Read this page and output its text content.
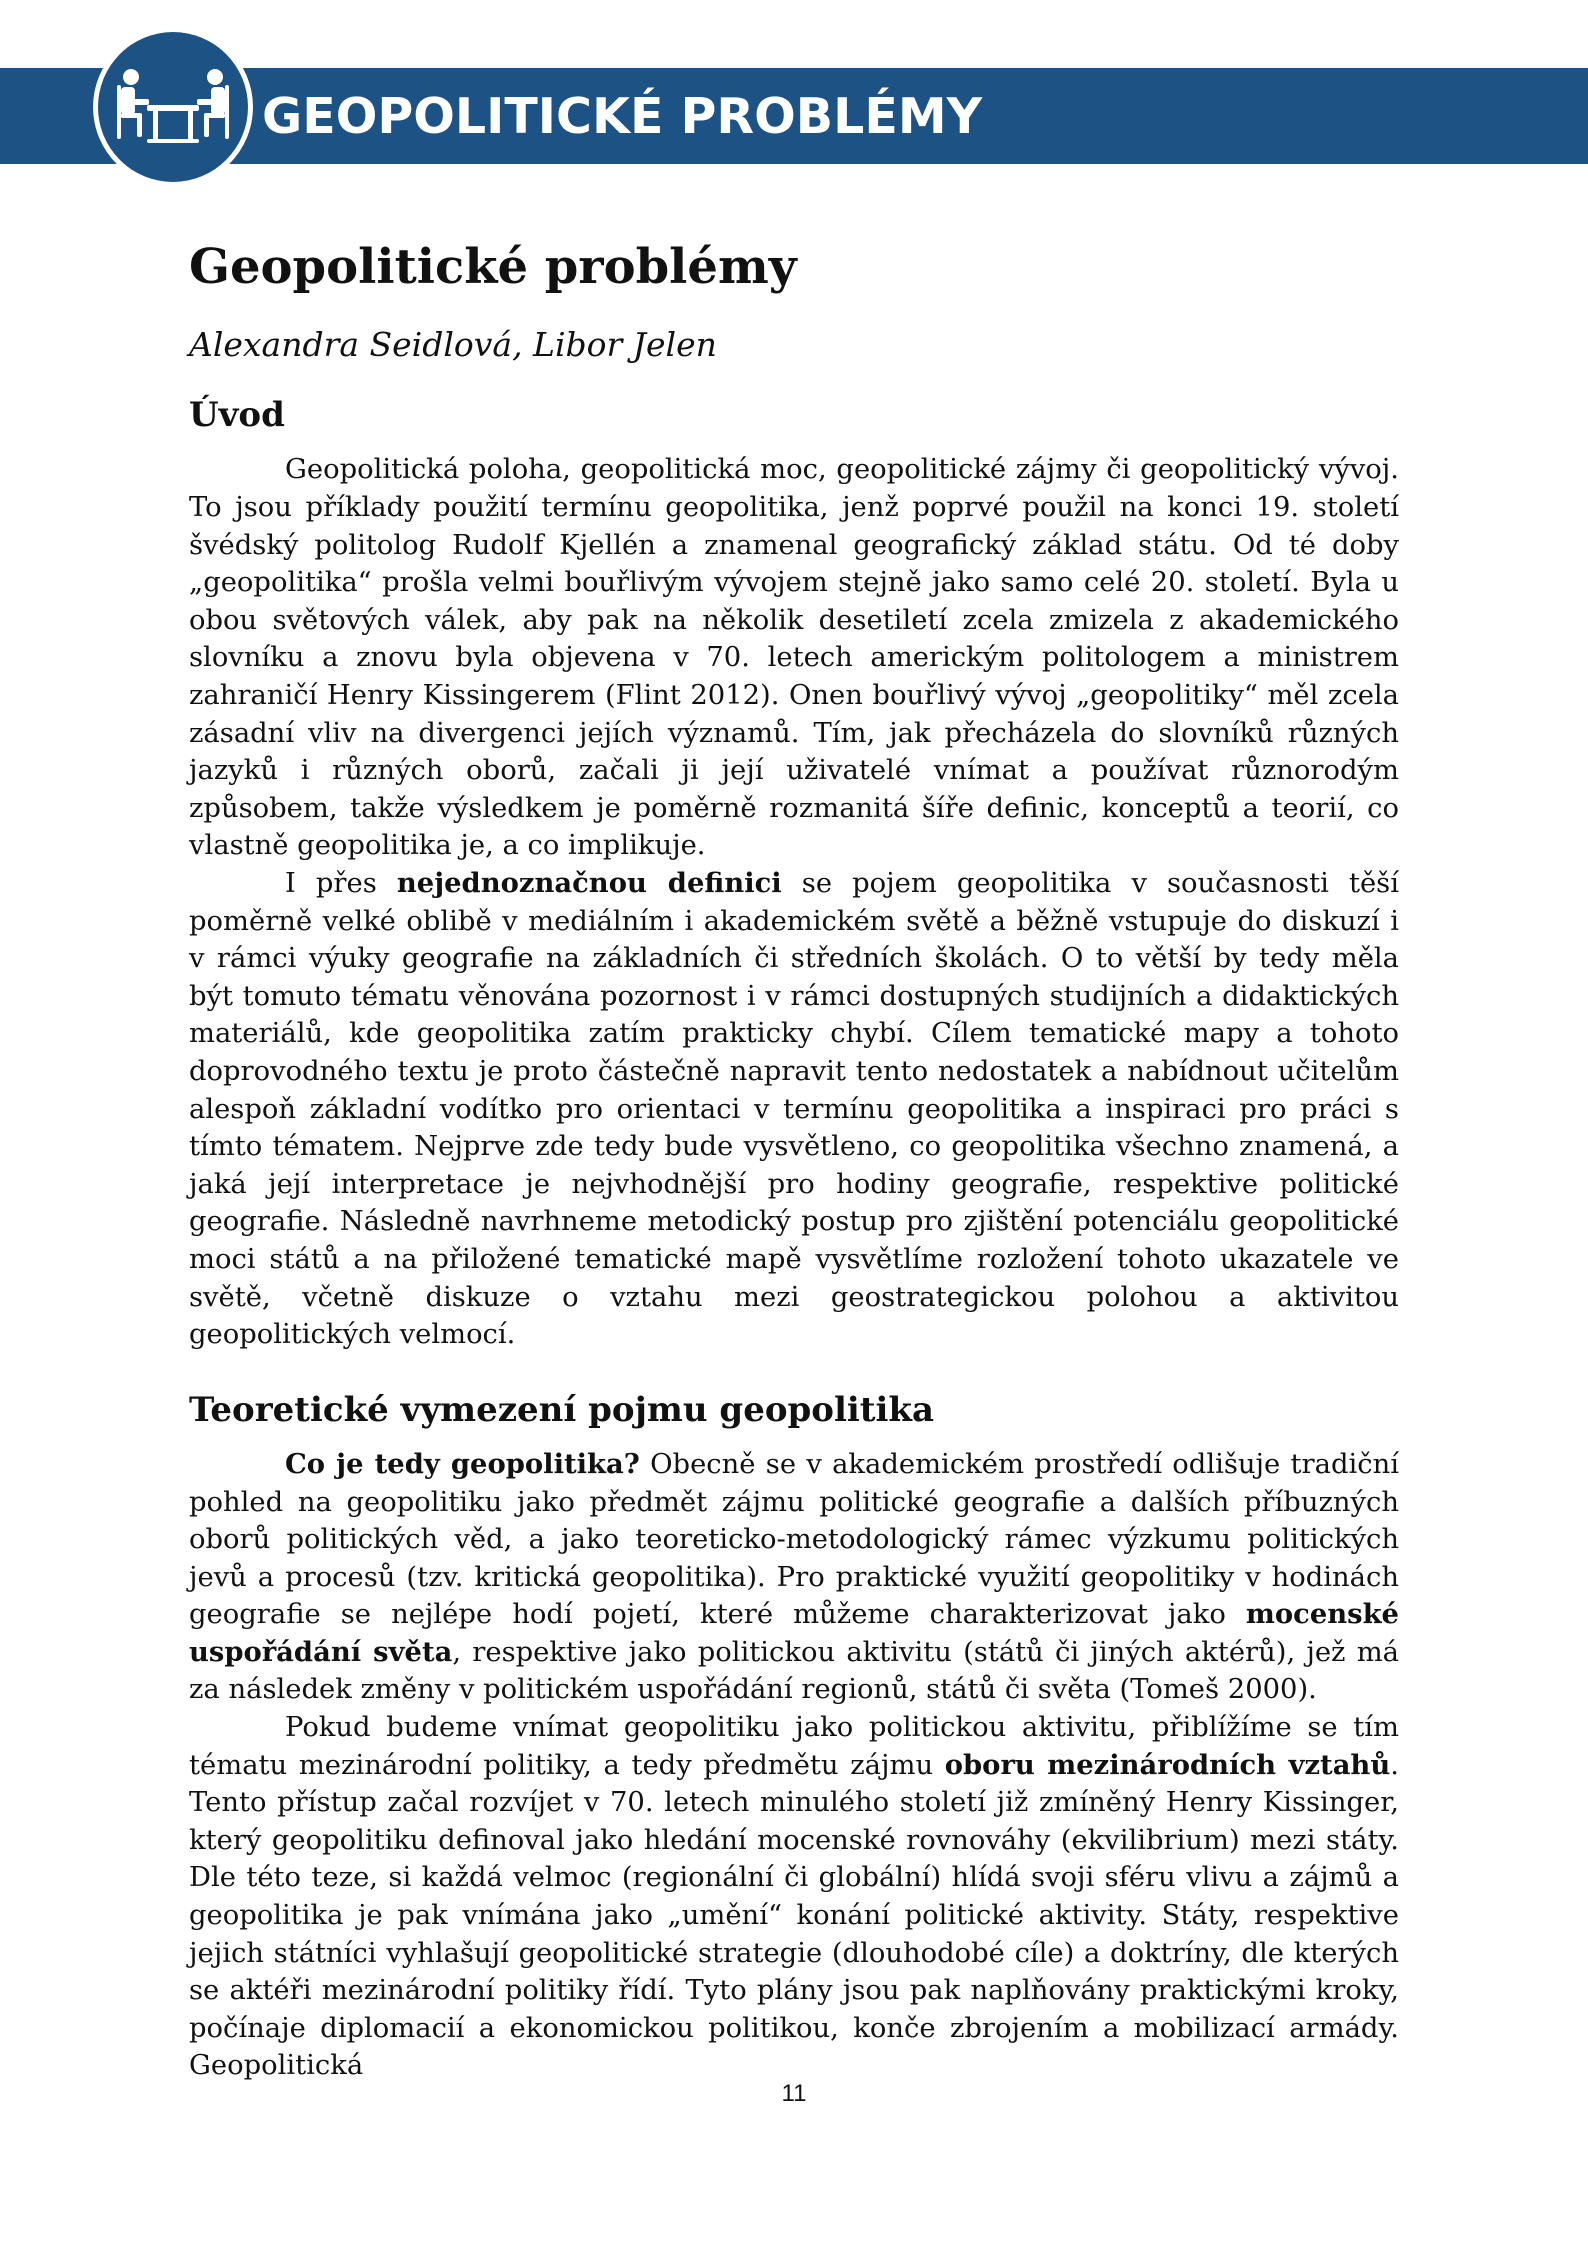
GEOPOLITICKÉ PROBLÉMY
Geopolitické problémy
Alexandra Seidlová, Libor Jelen
Úvod

Geopolitická poloha, geopolitická moc, geopolitické zájmy či geopolitický vývoj. To jsou příklady použití termínu geopolitika, jenž poprvé použil na konci 19. století švédský politolog Rudolf Kjellén a znamenal geografický základ státu. Od té doby „geopolitika“ prošla velmi bouřlivým vývojem stejně jako samo celé 20. století. Byla u obou světových válek, aby pak na několik desetiletí zcela zmizela z akademického slovníku a znovu byla objevena v 70. letech americkým politologem a ministrem zahraničí Henry Kissingerem (Flint 2012). Onen bouřlivý vývoj „geopolitiky“ měl zcela zásadní vliv na divergenci jejích významů. Tím, jak přecházela do slovníků různých jazyků i různých oborů, začali ji její uživatelé vnímat a používat různorodým způsobem, takže výsledkem je poměrně rozmanitá šíře definic, konceptů a teorií, co vlastně geopolitika je, a co implikuje.

I přes nejednoznačnou definici se pojem geopolitika v současnosti těší poměrně velké oblibě v mediálním i akademickém světě a běžně vstupuje do diskuzí i v rámci výuky geografie na základních či středních školách. O to větší by tedy měla být tomuto tématu věnována pozornost i v rámci dostupných studijních a didaktických materiálů, kde geopolitika zatím prakticky chybí. Cílem tematické mapy a tohoto doprovodného textu je proto částečně napravit tento nedostatek a nabídnout učitelům alespoň základní vodítko pro orientaci v termínu geopolitika a inspiraci pro práci s tímto tématem. Nejprve zde tedy bude vysvětleno, co geopolitika všechno znamená, a jaká její interpretace je nejvhodnější pro hodiny geografie, respektive politické geografie. Následně navrhneme metodický postup pro zjištění potenciálu geopolitické moci států a na přiložené tematické mapě vysvětlíme rozložení tohoto ukazatele ve světě, včetně diskuze o vztahu mezi geostrategickou polohou a aktivitou geopolitických velmocí.

Teoretické vymezení pojmu geopolitika

Co je tedy geopolitika? Obecně se v akademickém prostředí odlišuje tradiční pohled na geopolitiku jako předmět zájmu politické geografie a dalších příbuzných oborů politických věd, a jako teoreticko-metodologický rámec výzkumu politických jevů a procesů (tzv. kritická geopolitika). Pro praktické využití geopolitiky v hodinách geografie se nejlépe hodí pojetí, které můžeme charakterizovat jako mocenské uspořádání světa, respektive jako politickou aktivitu (států či jiných aktérů), jež má za následek změny v politickém uspořádání regionů, států či světa (Tomeš 2000).

Pokud budeme vnímat geopolitiku jako politickou aktivitu, přiblížíme se tím tématu mezinárodní politiky, a tedy předmětu zájmu oboru mezinárodních vztahů. Tento přístup začal rozvíjet v 70. letech minulého století již zmíněný Henry Kissinger, který geopolitiku definoval jako hledání mocenské rovnováhy (ekvilibrium) mezi státy. Dle této teze, si každá velmoc (regionální či globální) hlídá svoji sféru vlivu a zájmů a geopolitika je pak vnímána jako „umění“ konání politické aktivity. Státy, respektive jejich státníci vyhlašují geopolitické strategie (dlouhodobé cíle) a doktríny, dle kterých se aktéři mezinárodní politiky řídí. Tyto plány jsou pak naplňovány praktickými kroky, počínaje diplomacií a ekonomickou politikou, konče zbrojením a mobilizací armády. Geopolitická

11
